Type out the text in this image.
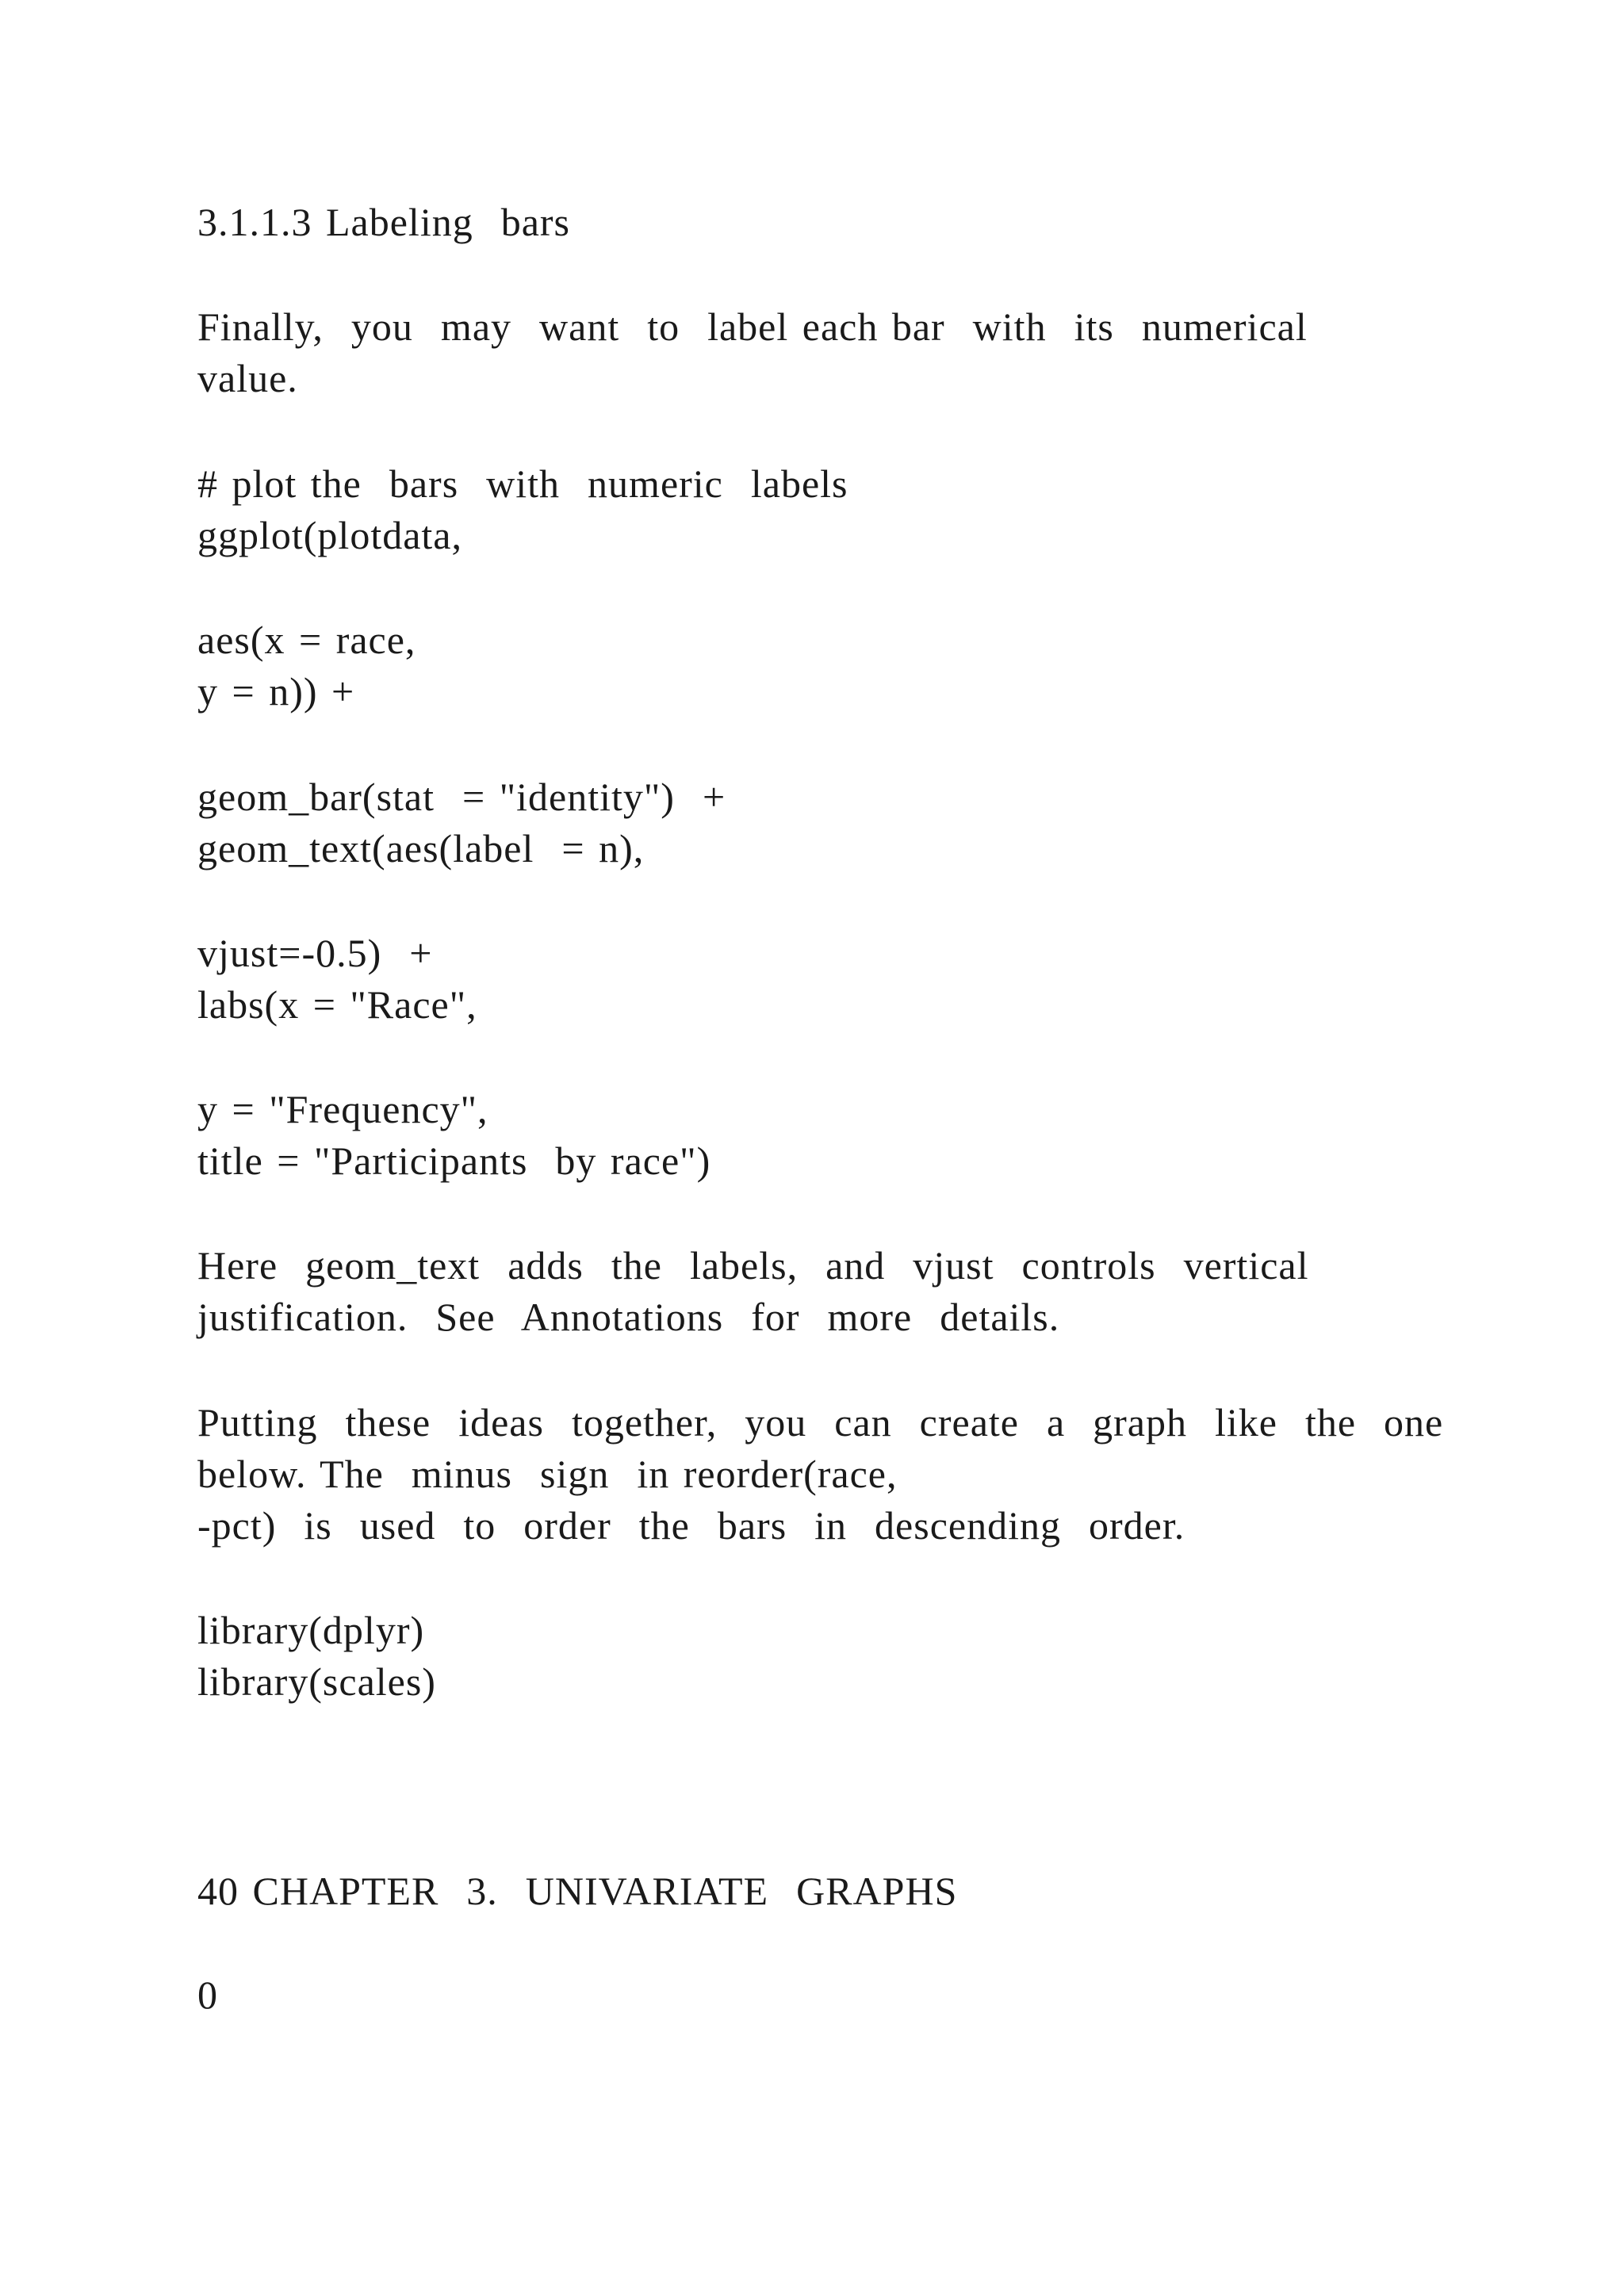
3.1.1.3 Labeling  bars
Finally,  you  may  want  to  label each bar  with  its  numerical
value.
# plot the  bars  with  numeric  labels
ggplot(plotdata,
aes(x = race,
y = n)) +
geom_bar(stat  = "identity")  +
geom_text(aes(label  = n),
vjust=-0.5)  +
labs(x = "Race",
y = "Frequency",
title = "Participants  by race")
Here  geom_text  adds  the  labels,  and  vjust  controls  vertical
justification.  See  Annotations  for  more  details.
Putting  these  ideas  together,  you  can  create  a  graph  like  the  one
below. The  minus  sign  in reorder(race,
-pct)  is  used  to  order  the  bars  in  descending  order.
library(dplyr)
library(scales)
40 CHAPTER  3.  UNIVARIATE  GRAPHS
0
